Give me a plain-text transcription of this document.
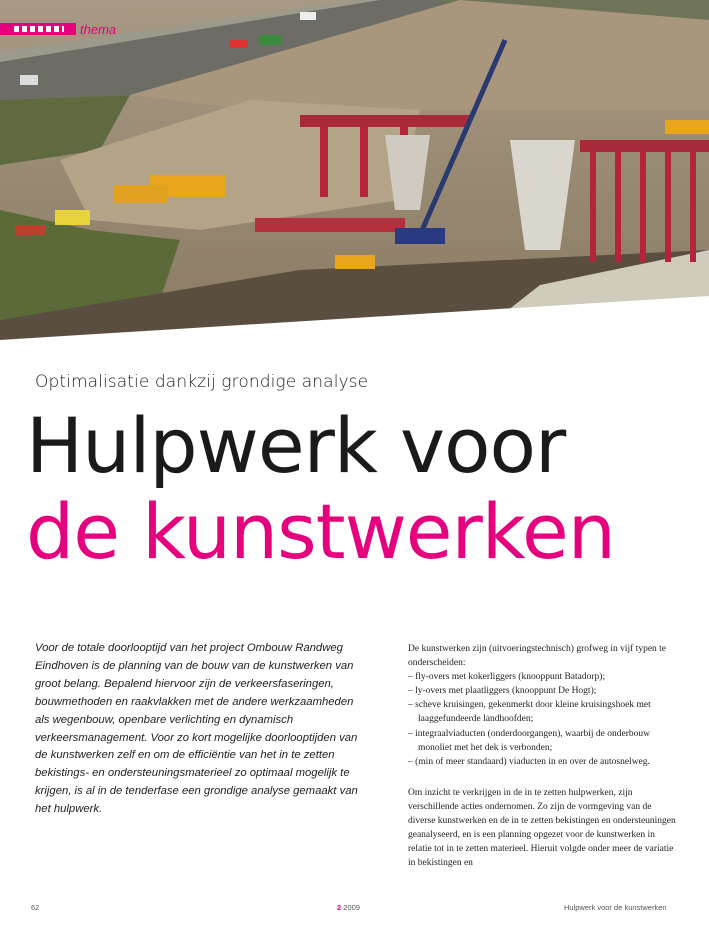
thema
Optimalisatie dankzij grondige analyse
Hulpwerk voor
de kunstwerken

Voor de totale doorlooptijd van het project Ombouw Randweg Eindhoven is de planning van de bouw van de kunstwerken van groot belang. Bepalend hiervoor zijn de verkeersfaseringen, bouwmethoden en raakvlakken met de andere werkzaamheden als wegenbouw, openbare verlichting en dynamisch verkeersmanagement. Voor zo kort mogelijke doorlooptijden van de kunstwerken zelf en om de efficiëntie van het in te zetten bekistings- en ondersteuningsmaterieel zo optimaal mogelijk te krijgen, is al in de tenderfase een grondige analyse gemaakt van het hulpwerk.

De kunstwerken zijn (uitvoeringstechnisch) grofweg in vijf typen te onderscheiden:

– fly-overs met kokerliggers (knooppunt Batadorp);
– ly-overs met plaatliggers (knooppunt De Hogt);
– scheve kruisingen, gekenmerkt door kleine kruisingshoek met laaggefundeerde landhoofden;
– integraalviaducten (onderdoorgangen), waarbij de onderbouw monoliet met het dek is verbonden;
– (min of meer standaard) viaducten in en over de autosnelweg.

Om inzicht te verkrijgen in de in te zetten hulpwerken, zijn verschillende acties ondernomen. Zo zijn de vormgeving van de diverse kunstwerken en de in te zetten bekistingen en ondersteuningen geanalyseerd, en is een planning opgezet voor de kunstwerken in relatie tot in te zetten materieel. Hieruit volgde onder meer de variatie in bekistingen en

62	2 2009	Hulpwerk voor de kunstwerken
